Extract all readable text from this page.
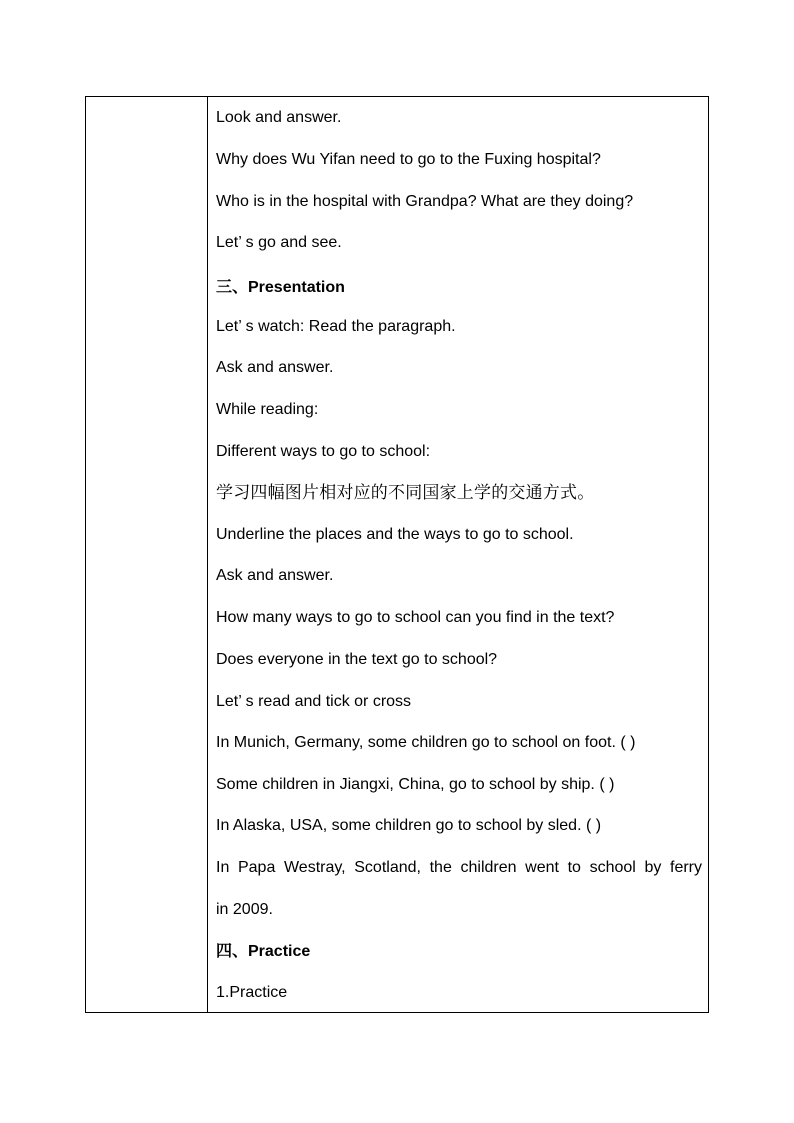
Look and answer.
Why does Wu Yifan need to go to the Fuxing hospital?
Who is in the hospital with Grandpa? What are they doing?
Let’ s go and see.
三、Presentation
Let’ s watch: Read the paragraph.
Ask and answer.
While reading:
Different ways to go to school:
学习四幅图片相对应的不同国家上学的交通方式。
Underline the places and the ways to go to school.
Ask and answer.
How many ways to go to school can you find in the text?
Does everyone in the text go to school?
Let’ s read and tick or cross
In Munich, Germany, some children go to school on foot. ( )
Some children in Jiangxi, China, go to school by ship. ( )
In Alaska, USA, some children go to school by sled. ( )
In Papa Westray, Scotland, the children went to school by ferry
in 2009.
四、Practice
1.Practice
